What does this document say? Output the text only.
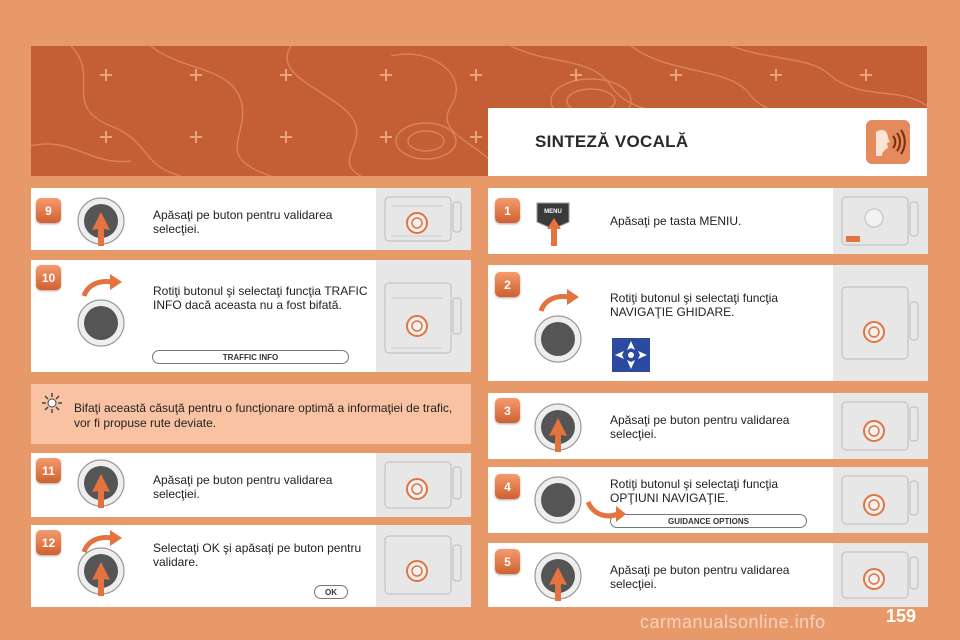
SINTEZĂ VOCALĂ
Apăsaţi pe buton pentru validarea selecţiei.
Rotiţi butonul şi selectaţi funcţia TRAFIC INFO dacă aceasta nu a fost bifată.
Bifaţi această căsuţă pentru o funcţionare optimă a informaţiei de trafic, vor fi propuse rute deviate.
Apăsaţi pe buton pentru validarea selecţiei.
Selectaţi OK şi apăsaţi pe buton pentru validare.
Apăsaţi pe tasta MENIU.
Rotiţi butonul şi selectaţi funcţia NAVIGAŢIE GHIDARE.
Apăsaţi pe buton pentru validarea selecţiei.
Rotiţi butonul şi selectaţi funcţia OPŢIUNI NAVIGAŢIE.
Apăsaţi pe buton pentru validarea selecţiei.
9
10
11
12
1
2
3
4
5
TRAFFIC INFO
OK
GUIDANCE OPTIONS
MENU
carmanualsonline.info	159
